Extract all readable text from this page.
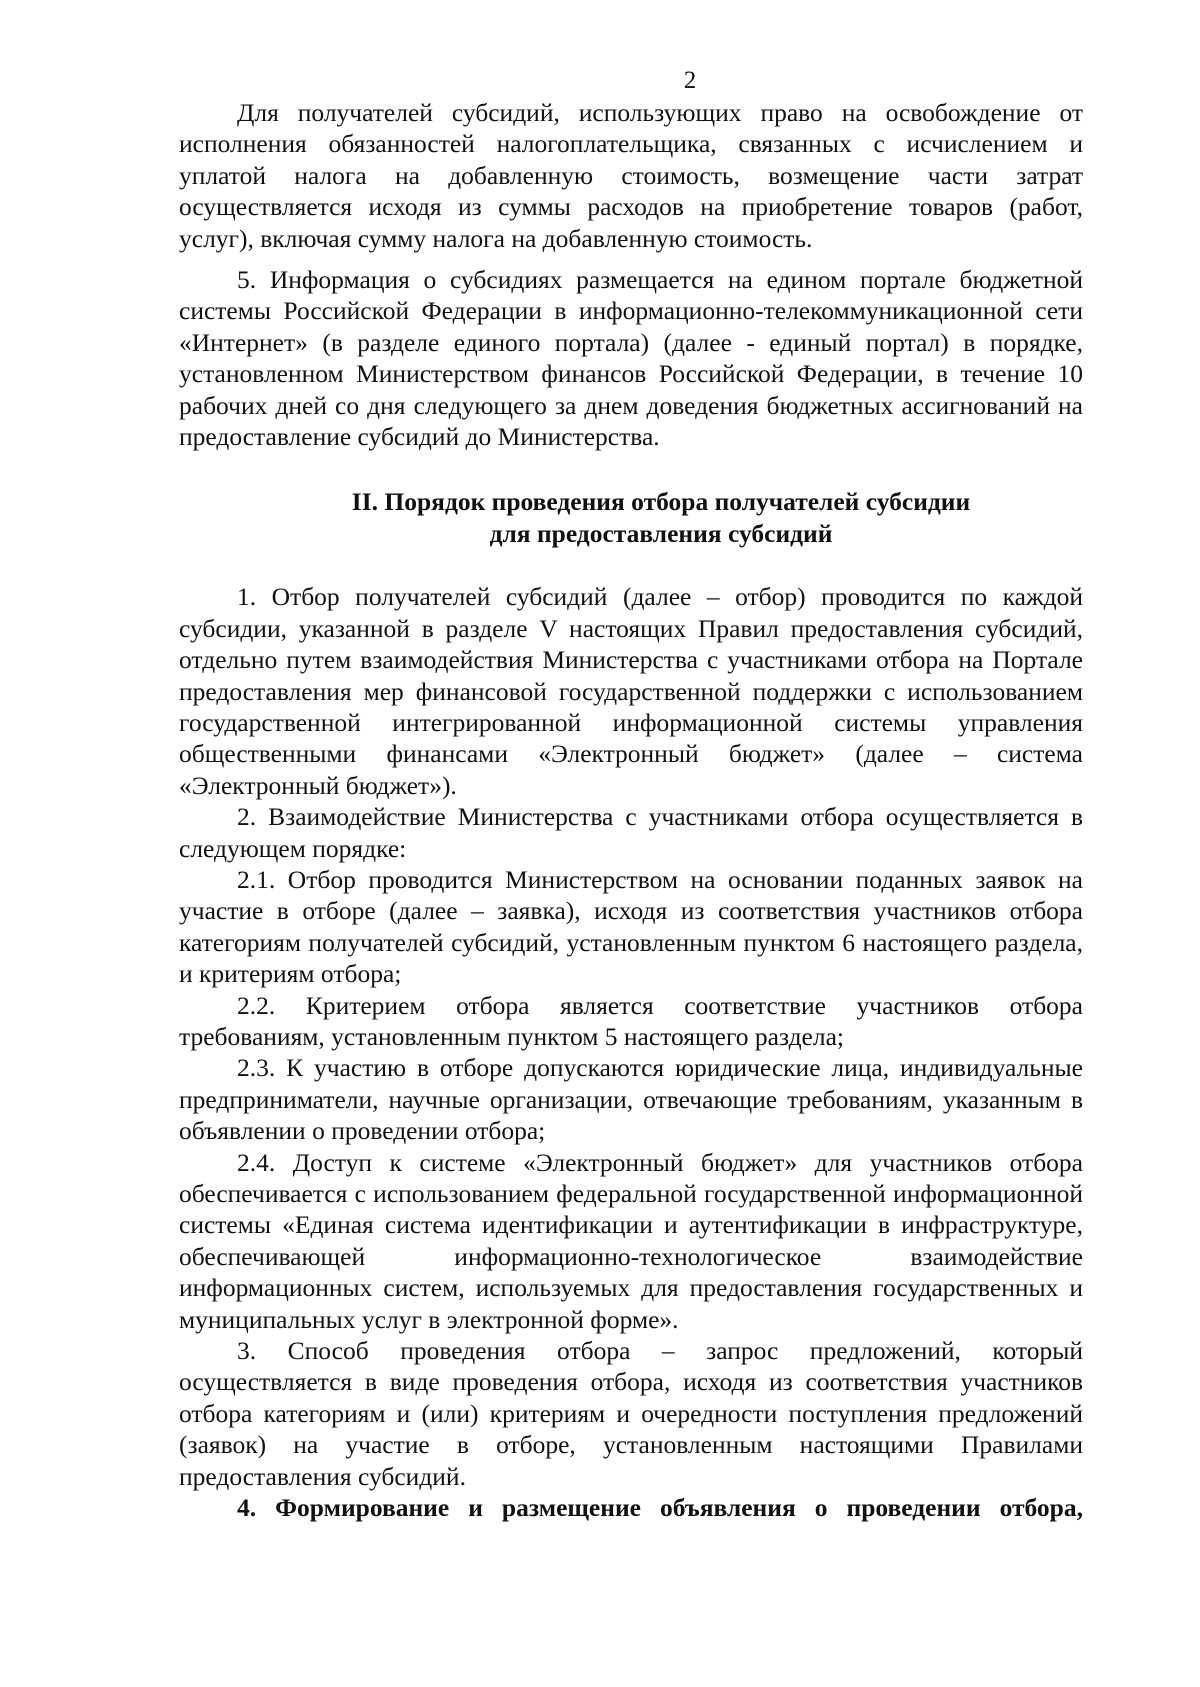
2

Для получателей субсидий, использующих право на освобождение от исполнения обязанностей налогоплательщика, связанных с исчислением и уплатой налога на добавленную стоимость, возмещение части затрат осуществляется исходя из суммы расходов на приобретение товаров (работ, услуг), включая сумму налога на добавленную стоимость.

5. Информация о субсидиях размещается на едином портале бюджетной системы Российской Федерации в информационно-телекоммуникационной сети «Интернет» (в разделе единого портала) (далее - единый портал) в порядке, установленном Министерством финансов Российской Федерации, в течение 10 рабочих дней со дня следующего за днем доведения бюджетных ассигнований на предоставление субсидий до Министерства.

II. Порядок проведения отбора получателей субсидии
для предоставления субсидий

1. Отбор получателей субсидий (далее – отбор) проводится по каждой субсидии, указанной в разделе V настоящих Правил предоставления субсидий, отдельно путем взаимодействия Министерства с участниками отбора на Портале предоставления мер финансовой государственной поддержки с использованием государственной интегрированной информационной системы управления общественными финансами «Электронный бюджет» (далее – система «Электронный бюджет»).

2. Взаимодействие Министерства с участниками отбора осуществляется в следующем порядке:

2.1. Отбор проводится Министерством на основании поданных заявок на участие в отборе (далее – заявка), исходя из соответствия участников отбора категориям получателей субсидий, установленным пунктом 6 настоящего раздела, и критериям отбора;

2.2. Критерием отбора является соответствие участников отбора требованиям, установленным пунктом 5 настоящего раздела;

2.3. К участию в отборе допускаются юридические лица, индивидуальные предприниматели, научные организации, отвечающие требованиям, указанным в объявлении о проведении отбора;

2.4. Доступ к системе «Электронный бюджет» для участников отбора обеспечивается с использованием федеральной государственной информационной системы «Единая система идентификации и аутентификации в инфраструктуре, обеспечивающей информационно-технологическое взаимодействие информационных систем, используемых для предоставления государственных и муниципальных услуг в электронной форме».

3. Способ проведения отбора – запрос предложений, который осуществляется в виде проведения отбора, исходя из соответствия участников отбора категориям и (или) критериям и очередности поступления предложений (заявок) на участие в отборе, установленным настоящими Правилами предоставления субсидий.

4. Формирование и размещение объявления о проведении отбора,
